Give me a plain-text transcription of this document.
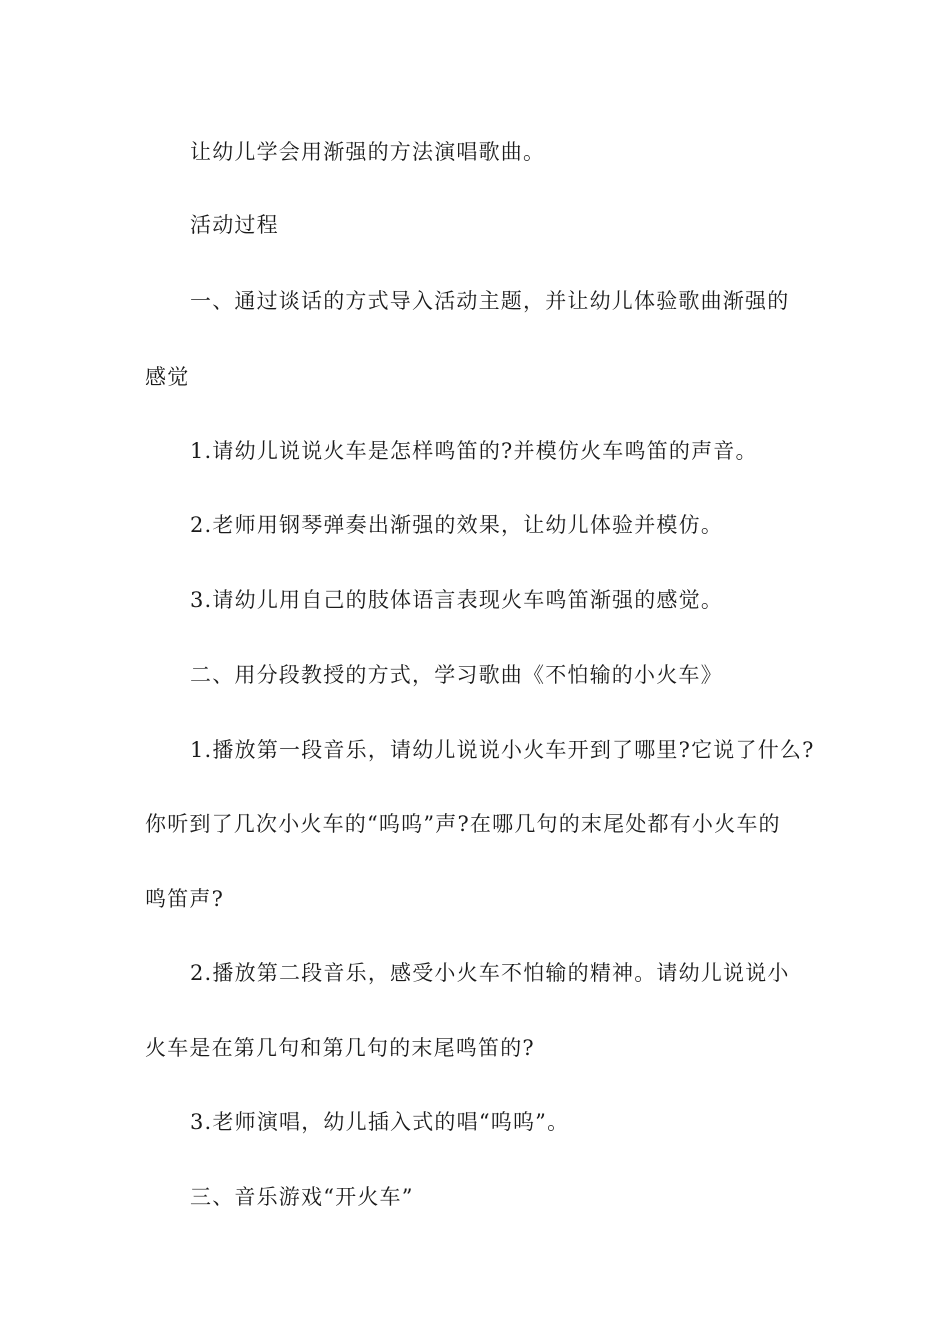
让幼儿学会用渐强的方法演唱歌曲。
活动过程
一、通过谈话的方式导入活动主题，并让幼儿体验歌曲渐强的
感觉
1.请幼儿说说火车是怎样鸣笛的?并模仿火车鸣笛的声音。
2.老师用钢琴弹奏出渐强的效果，让幼儿体验并模仿。
3.请幼儿用自己的肢体语言表现火车鸣笛渐强的感觉。
二、用分段教授的方式，学习歌曲《不怕输的小火车》
1.播放第一段音乐，请幼儿说说小火车开到了哪里?它说了什么?
你听到了几次小火车的“呜呜”声?在哪几句的末尾处都有小火车的
鸣笛声?
2.播放第二段音乐，感受小火车不怕输的精神。请幼儿说说小
火车是在第几句和第几句的末尾鸣笛的?
3.老师演唱，幼儿插入式的唱“呜呜”。
三、音乐游戏“开火车”
